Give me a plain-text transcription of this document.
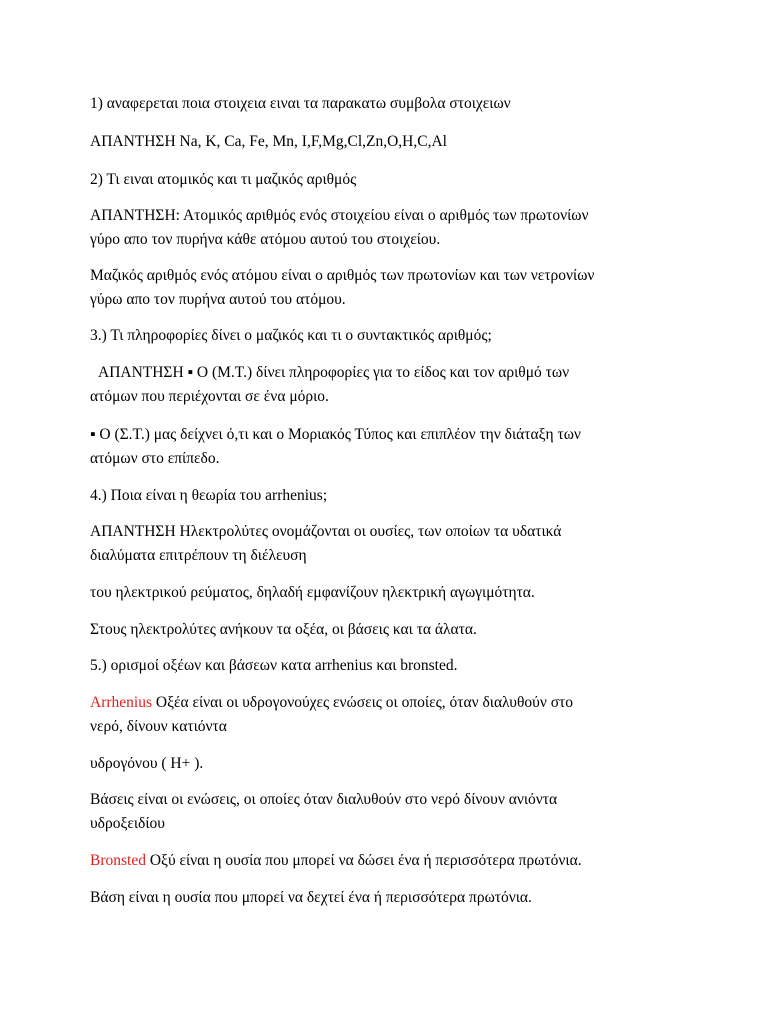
1) αναφερεται ποια στοιχεια ειναι τα παρακατω συμβολα στοιχειων
ΑΠΑΝΤΗΣΗ Na, K, Ca, Fe, Mn, I,F,Mg,Cl,Zn,O,H,C,Al
2) Τι ειναι ατομικός και τι μαζικός αριθμός
ΑΠΑΝΤΗΣΗ: Ατομικός αριθμός ενός στοιχείου είναι ο αριθμός των πρωτονίων
γύρο απο τον πυρήνα κάθε ατόμου αυτού του στοιχείου.
Μαζικός αριθμός ενός ατόμου είναι ο αριθμός των πρωτονίων και των νετρονίων
γύρω απο τον πυρήνα αυτού του ατόμου.
3.) Τι πληροφορίες δίνει ο μαζικός και τι ο συντακτικός αριθμός;
ΑΠΑΝΤΗΣΗ ▪ Ο (Μ.Τ.) δίνει πληροφορίες για το είδος και τον αριθμό των
ατόμων που περιέχονται σε ένα μόριο.
▪ Ο (Σ.Τ.) μας δείχνει ό,τι και ο Μοριακός Τύπος και επιπλέον την διάταξη των
ατόμων στο επίπεδο.
4.) Ποια είναι η θεωρία του arrhenius;
ΑΠΑΝΤΗΣΗ Ηλεκτρολύτες ονομάζονται οι ουσίες, των οποίων τα υδατικά
διαλύματα επιτρέπουν τη διέλευση
του ηλεκτρικού ρεύματος, δηλαδή εμφανίζουν ηλεκτρική αγωγιμότητα.
Στους ηλεκτρολύτες ανήκουν τα οξέα, οι βάσεις και τα άλατα.
5.) ορισμοί οξέων και βάσεων κατα arrhenius και bronsted.
Arrhenius Οξέα είναι οι υδρογονούχες ενώσεις οι οποίες, όταν διαλυθούν στο
νερό, δίνουν κατιόντα
υδρογόνου ( H+ ).
Βάσεις είναι οι ενώσεις, οι οποίες όταν διαλυθούν στο νερό δίνουν ανιόντα
υδροξειδίου
Bronsted Οξύ είναι η ουσία που μπορεί να δώσει ένα ή περισσότερα πρωτόνια.
Βάση είναι η ουσία που μπορεί να δεχτεί ένα ή περισσότερα πρωτόνια.
